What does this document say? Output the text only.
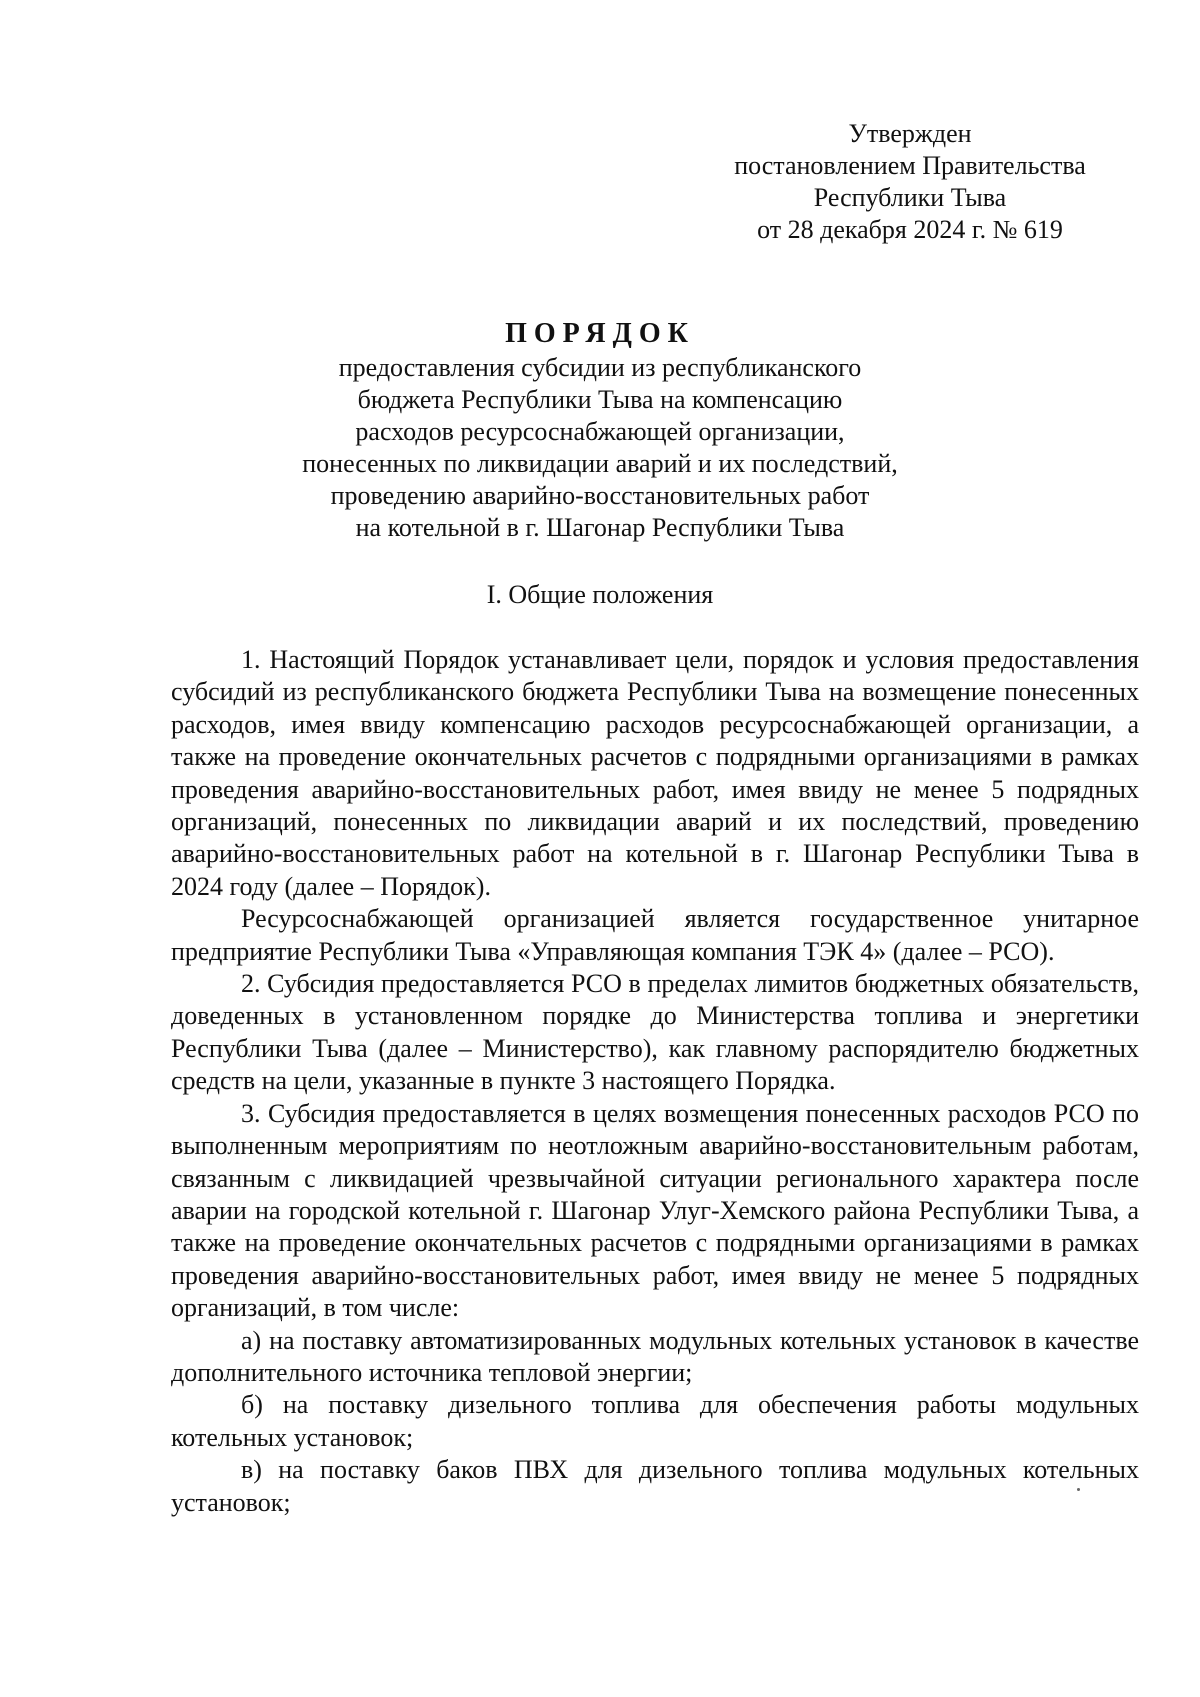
Утвержден
постановлением Правительства
Республики Тыва
от 28 декабря 2024 г. № 619
ПОРЯДОК
предоставления субсидии из республиканского
бюджета Республики Тыва на компенсацию
расходов ресурсоснабжающей организации,
понесенных по ликвидации аварий и их последствий,
проведению аварийно-восстановительных работ
на котельной в г. Шагонар Республики Тыва
I. Общие положения

1. Настоящий Порядок устанавливает цели, порядок и условия предоставления субсидий из республиканского бюджета Республики Тыва на возмещение понесенных расходов, имея ввиду компенсацию расходов ресурсоснабжающей организации, а также на проведение окончательных расчетов с подрядными организациями в рамках проведения аварийно-восстановительных работ, имея ввиду не менее 5 подрядных организаций, понесенных по ликвидации аварий и их последствий, проведению аварийно-восстановительных работ на котельной в г. Шагонар Республики Тыва в 2024 году (далее – Порядок).

Ресурсоснабжающей организацией является государственное унитарное предприятие Республики Тыва «Управляющая компания ТЭК 4» (далее – РСО).

2. Субсидия предоставляется РСО в пределах лимитов бюджетных обязательств, доведенных в установленном порядке до Министерства топлива и энергетики Республики Тыва (далее – Министерство), как главному распорядителю бюджетных средств на цели, указанные в пункте 3 настоящего Порядка.

3. Субсидия предоставляется в целях возмещения понесенных расходов РСО по выполненным мероприятиям по неотложным аварийно-восстановительным работам, связанным с ликвидацией чрезвычайной ситуации регионального характера после аварии на городской котельной г. Шагонар Улуг-Хемского района Республики Тыва, а также на проведение окончательных расчетов с подрядными организациями в рамках проведения аварийно-восстановительных работ, имея ввиду не менее 5 подрядных организаций, в том числе:

а) на поставку автоматизированных модульных котельных установок в качестве дополнительного источника тепловой энергии;

б) на поставку дизельного топлива для обеспечения работы модульных котельных установок;

в) на поставку баков ПВХ для дизельного топлива модульных котельных установок;
